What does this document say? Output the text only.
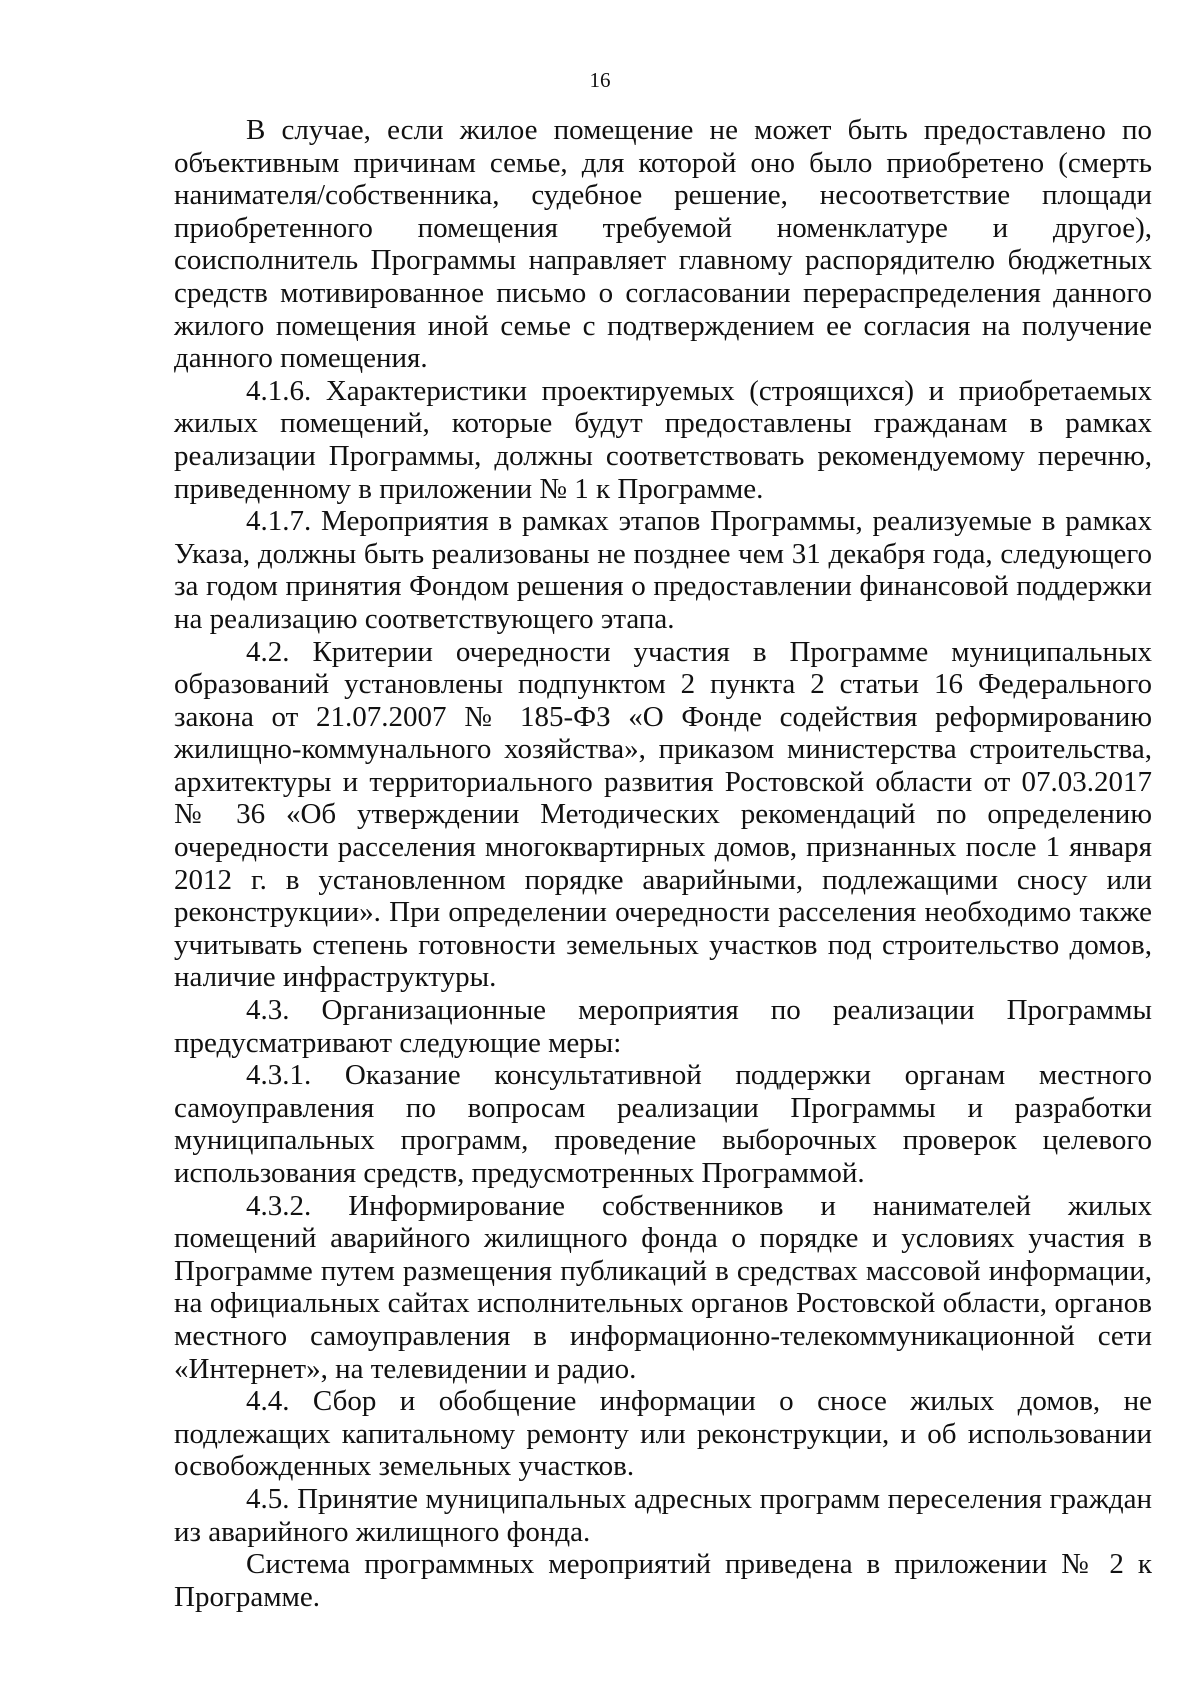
16

В случае, если жилое помещение не может быть предоставлено по объективным причинам семье, для которой оно было приобретено (смерть нанимателя/собственника, судебное решение, несоответствие площади приобретенного помещения требуемой номенклатуре и другое), соисполнитель Программы направляет главному распорядителю бюджетных средств мотивированное письмо о согласовании перераспределения данного жилого помещения иной семье с подтверждением ее согласия на получение данного помещения.

4.1.6. Характеристики проектируемых (строящихся) и приобретаемых жилых помещений, которые будут предоставлены гражданам в рамках реализации Программы, должны соответствовать рекомендуемому перечню, приведенному в приложении № 1 к Программе.

4.1.7. Мероприятия в рамках этапов Программы, реализуемые в рамках Указа, должны быть реализованы не позднее чем 31 декабря года, следующего за годом принятия Фондом решения о предоставлении финансовой поддержки на реализацию соответствующего этапа.

4.2. Критерии очередности участия в Программе муниципальных образований установлены подпунктом 2 пункта 2 статьи 16 Федерального закона от 21.07.2007 № 185-ФЗ «О Фонде содействия реформированию жилищно-коммунального хозяйства», приказом министерства строительства, архитектуры и территориального развития Ростовской области от 07.03.2017 № 36 «Об утверждении Методических рекомендаций по определению очередности расселения многоквартирных домов, признанных после 1 января 2012 г. в установленном порядке аварийными, подлежащими сносу или реконструкции». При определении очередности расселения необходимо также учитывать степень готовности земельных участков под строительство домов, наличие инфраструктуры.

4.3. Организационные мероприятия по реализации Программы предусматривают следующие меры:

4.3.1. Оказание консультативной поддержки органам местного самоуправления по вопросам реализации Программы и разработки муниципальных программ, проведение выборочных проверок целевого использования средств, предусмотренных Программой.

4.3.2. Информирование собственников и нанимателей жилых помещений аварийного жилищного фонда о порядке и условиях участия в Программе путем размещения публикаций в средствах массовой информации, на официальных сайтах исполнительных органов Ростовской области, органов местного самоуправления в информационно-телекоммуникационной сети «Интернет», на телевидении и радио.

4.4. Сбор и обобщение информации о сносе жилых домов, не подлежащих капитальному ремонту или реконструкции, и об использовании освобожденных земельных участков.

4.5. Принятие муниципальных адресных программ переселения граждан из аварийного жилищного фонда.

Система программных мероприятий приведена в приложении № 2 к Программе.
